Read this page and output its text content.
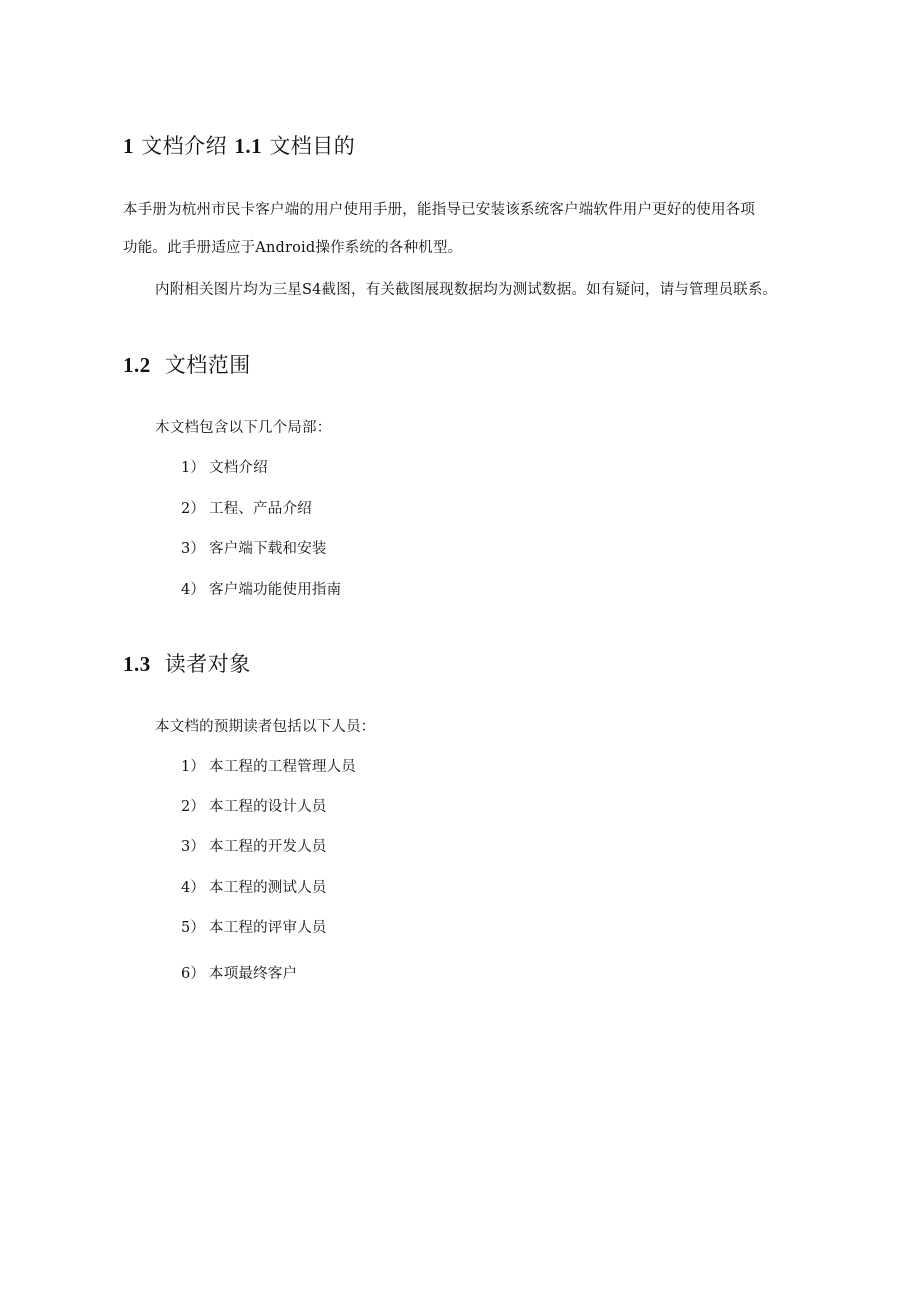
1 文档介绍 1.1 文档目的
本手册为杭州市民卡客户端的用户使用手册，能指导已安装该系统客户端软件用户更好的使用各项
功能。此手册适应于Android操作系统的各种机型。
内附相关图片均为三星S4截图，有关截图展现数据均为测试数据。如有疑问，请与管理员联系。
1.2 文档范围
木文档包含以下几个局部：
1） 文档介绍
2） 工程、产品介绍
3） 客户端下载和安装
4） 客户端功能使用指南
1.3 读者对象
本文档的预期读者包括以下人员：
1） 本工程的工程管理人员
2） 本工程的设计人员
3） 本工程的开发人员
4） 本工程的测试人员
5） 本工程的评审人员
6） 本项最终客户
